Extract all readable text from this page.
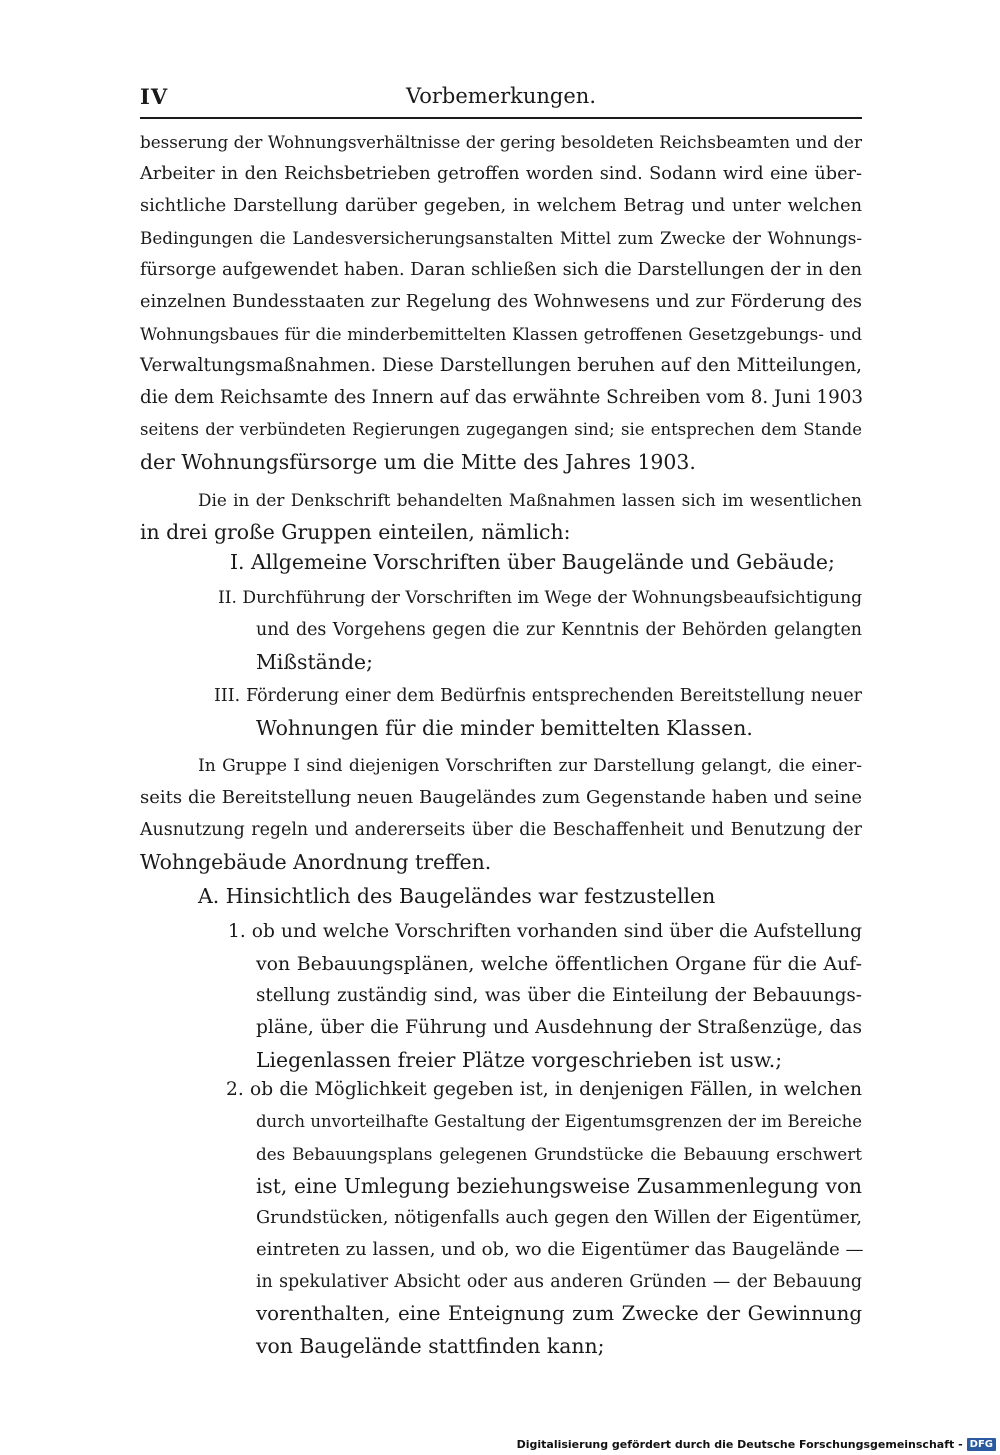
IV	Vorbemerkungen.
besserung der Wohnungsverhältnisse der gering besoldeten Reichsbeamten und der
Arbeiter in den Reichsbetrieben getroffen worden sind. Sodann wird eine über-
sichtliche Darstellung darüber gegeben, in welchem Betrag und unter welchen
Bedingungen die Landesversicherungsanstalten Mittel zum Zwecke der Wohnungs-
fürsorge aufgewendet haben. Daran schließen sich die Darstellungen der in den
einzelnen Bundesstaaten zur Regelung des Wohnwesens und zur Förderung des
Wohnungsbaues für die minderbemittelten Klassen getroffenen Gesetzgebungs- und
Verwaltungsmaßnahmen. Diese Darstellungen beruhen auf den Mitteilungen,
die dem Reichsamte des Innern auf das erwähnte Schreiben vom 8. Juni 1903
seitens der verbündeten Regierungen zugegangen sind; sie entsprechen dem Stande
der Wohnungsfürsorge um die Mitte des Jahres 1903.
Die in der Denkschrift behandelten Maßnahmen lassen sich im wesentlichen
in drei große Gruppen einteilen, nämlich:
I. Allgemeine Vorschriften über Baugelände und Gebäude;
II. Durchführung der Vorschriften im Wege der Wohnungsbeaufsichtigung
und des Vorgehens gegen die zur Kenntnis der Behörden gelangten
Mißstände;
III. Förderung einer dem Bedürfnis entsprechenden Bereitstellung neuer
Wohnungen für die minder bemittelten Klassen.
In Gruppe I sind diejenigen Vorschriften zur Darstellung gelangt, die einer-
seits die Bereitstellung neuen Baugeländes zum Gegenstande haben und seine
Ausnutzung regeln und andererseits über die Beschaffenheit und Benutzung der
Wohngebäude Anordnung treffen.
A. Hinsichtlich des Baugeländes war festzustellen
1. ob und welche Vorschriften vorhanden sind über die Aufstellung
von Bebauungsplänen, welche öffentlichen Organe für die Auf-
stellung zuständig sind, was über die Einteilung der Bebauungs-
pläne, über die Führung und Ausdehnung der Straßenzüge, das
Liegenlassen freier Plätze vorgeschrieben ist usw.;
2. ob die Möglichkeit gegeben ist, in denjenigen Fällen, in welchen
durch unvorteilhafte Gestaltung der Eigentumsgrenzen der im Bereiche
des Bebauungsplans gelegenen Grundstücke die Bebauung erschwert
ist, eine Umlegung beziehungsweise Zusammenlegung von
Grundstücken, nötigenfalls auch gegen den Willen der Eigentümer,
eintreten zu lassen, und ob, wo die Eigentümer das Baugelände —
in spekulativer Absicht oder aus anderen Gründen — der Bebauung
vorenthalten, eine Enteignung zum Zwecke der Gewinnung
von Baugelände stattfinden kann;
Digitalisierung gefördert durch die Deutsche Forschungsgemeinschaft - DFG
